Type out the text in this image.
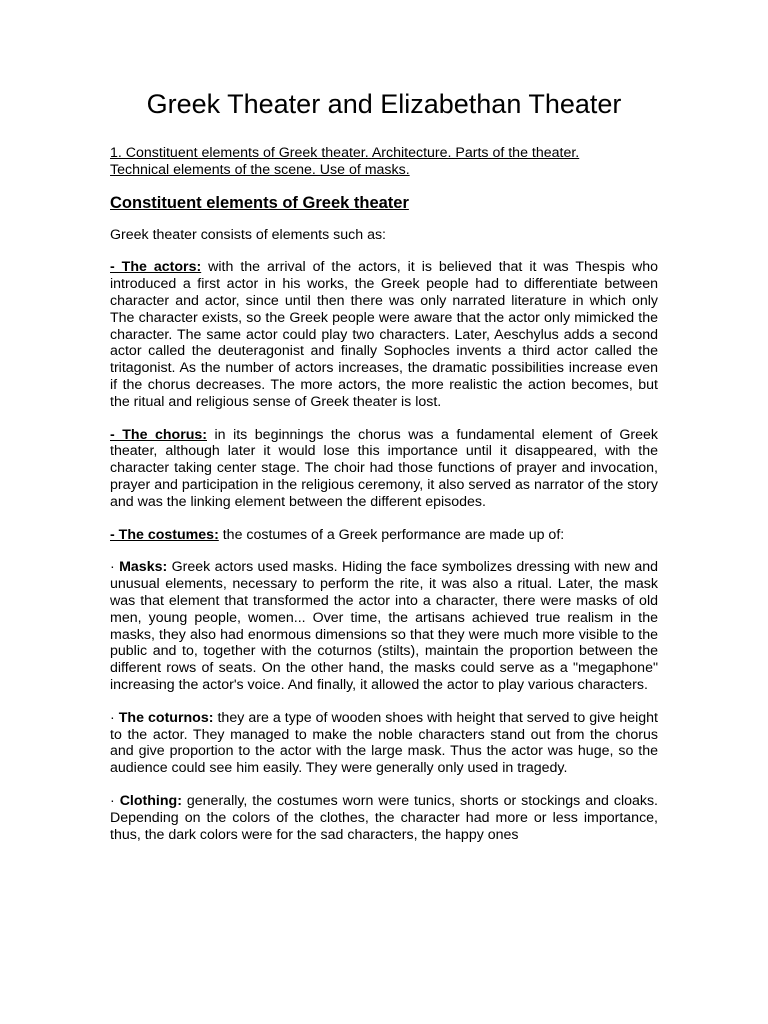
Greek Theater and Elizabethan Theater

1. Constituent elements of Greek theater. Architecture. Parts of the theater.
Technical elements of the scene. Use of masks.

Constituent elements of Greek theater

Greek theater consists of elements such as:

- The actors: with the arrival of the actors, it is believed that it was Thespis who introduced a first actor in his works, the Greek people had to differentiate between character and actor, since until then there was only narrated literature in which only The character exists, so the Greek people were aware that the actor only mimicked the character. The same actor could play two characters. Later, Aeschylus adds a second actor called the deuteragonist and finally Sophocles invents a third actor called the tritagonist. As the number of actors increases, the dramatic possibilities increase even if the chorus decreases. The more actors, the more realistic the action becomes, but the ritual and religious sense of Greek theater is lost.

- The chorus: in its beginnings the chorus was a fundamental element of Greek theater, although later it would lose this importance until it disappeared, with the character taking center stage. The choir had those functions of prayer and invocation, prayer and participation in the religious ceremony, it also served as narrator of the story and was the linking element between the different episodes.

- The costumes: the costumes of a Greek performance are made up of:

· Masks: Greek actors used masks. Hiding the face symbolizes dressing with new and unusual elements, necessary to perform the rite, it was also a ritual. Later, the mask was that element that transformed the actor into a character, there were masks of old men, young people, women... Over time, the artisans achieved true realism in the masks, they also had enormous dimensions so that they were much more visible to the public and to, together with the coturnos (stilts), maintain the proportion between the different rows of seats. On the other hand, the masks could serve as a "megaphone" increasing the actor's voice. And finally, it allowed the actor to play various characters.

· The coturnos: they are a type of wooden shoes with height that served to give height to the actor. They managed to make the noble characters stand out from the chorus and give proportion to the actor with the large mask. Thus the actor was huge, so the audience could see him easily. They were generally only used in tragedy.

· Clothing: generally, the costumes worn were tunics, shorts or stockings and cloaks. Depending on the colors of the clothes, the character had more or less importance, thus, the dark colors were for the sad characters, the happy ones
